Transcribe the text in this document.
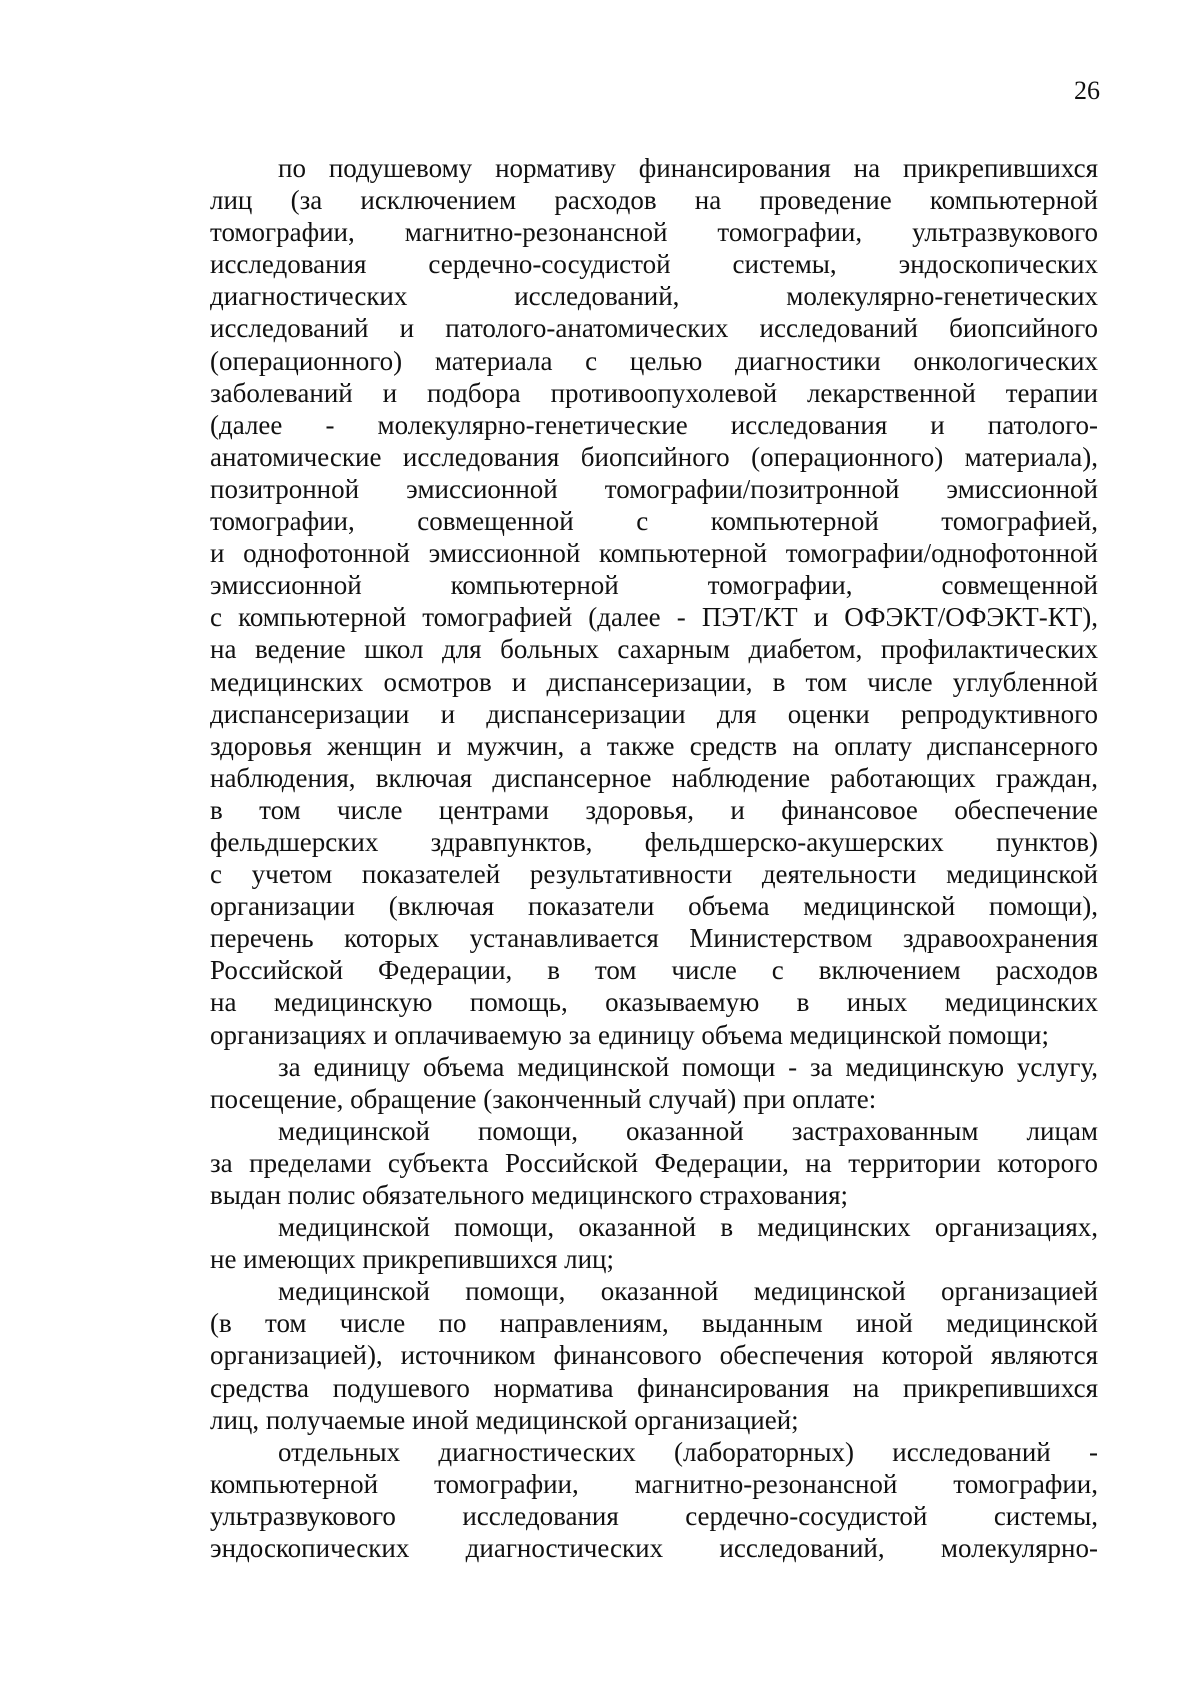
26
по подушевому нормативу финансирования на прикрепившихся
лиц (за исключением расходов на проведение компьютерной
томографии, магнитно-резонансной томографии, ультразвукового
исследования сердечно-сосудистой системы, эндоскопических
диагностических исследований, молекулярно-генетических
исследований и патолого-анатомических исследований биопсийного
(операционного) материала с целью диагностики онкологических
заболеваний и подбора противоопухолевой лекарственной терапии
(далее - молекулярно-генетические исследования и патолого-
анатомические исследования биопсийного (операционного) материала),
позитронной эмиссионной томографии/позитронной эмиссионной
томографии, совмещенной с компьютерной томографией,
и однофотонной эмиссионной компьютерной томографии/однофотонной
эмиссионной компьютерной томографии, совмещенной
с компьютерной томографией (далее - ПЭТ/КТ и ОФЭКТ/ОФЭКТ-КТ),
на ведение школ для больных сахарным диабетом, профилактических
медицинских осмотров и диспансеризации, в том числе углубленной
диспансеризации и диспансеризации для оценки репродуктивного
здоровья женщин и мужчин, а также средств на оплату диспансерного
наблюдения, включая диспансерное наблюдение работающих граждан,
в том числе центрами здоровья, и финансовое обеспечение
фельдшерских здравпунктов, фельдшерско-акушерских пунктов)
с учетом показателей результативности деятельности медицинской
организации (включая показатели объема медицинской помощи),
перечень которых устанавливается Министерством здравоохранения
Российской Федерации, в том числе с включением расходов
на медицинскую помощь, оказываемую в иных медицинских
организациях и оплачиваемую за единицу объема медицинской помощи;
за единицу объема медицинской помощи - за медицинскую услугу,
посещение, обращение (законченный случай) при оплате:
медицинской помощи, оказанной застрахованным лицам
за пределами субъекта Российской Федерации, на территории которого
выдан полис обязательного медицинского страхования;
медицинской помощи, оказанной в медицинских организациях,
не имеющих прикрепившихся лиц;
медицинской помощи, оказанной медицинской организацией
(в том числе по направлениям, выданным иной медицинской
организацией), источником финансового обеспечения которой являются
средства подушевого норматива финансирования на прикрепившихся
лиц, получаемые иной медицинской организацией;
отдельных диагностических (лабораторных) исследований -
компьютерной томографии, магнитно-резонансной томографии,
ультразвукового исследования сердечно-сосудистой системы,
эндоскопических диагностических исследований, молекулярно-
